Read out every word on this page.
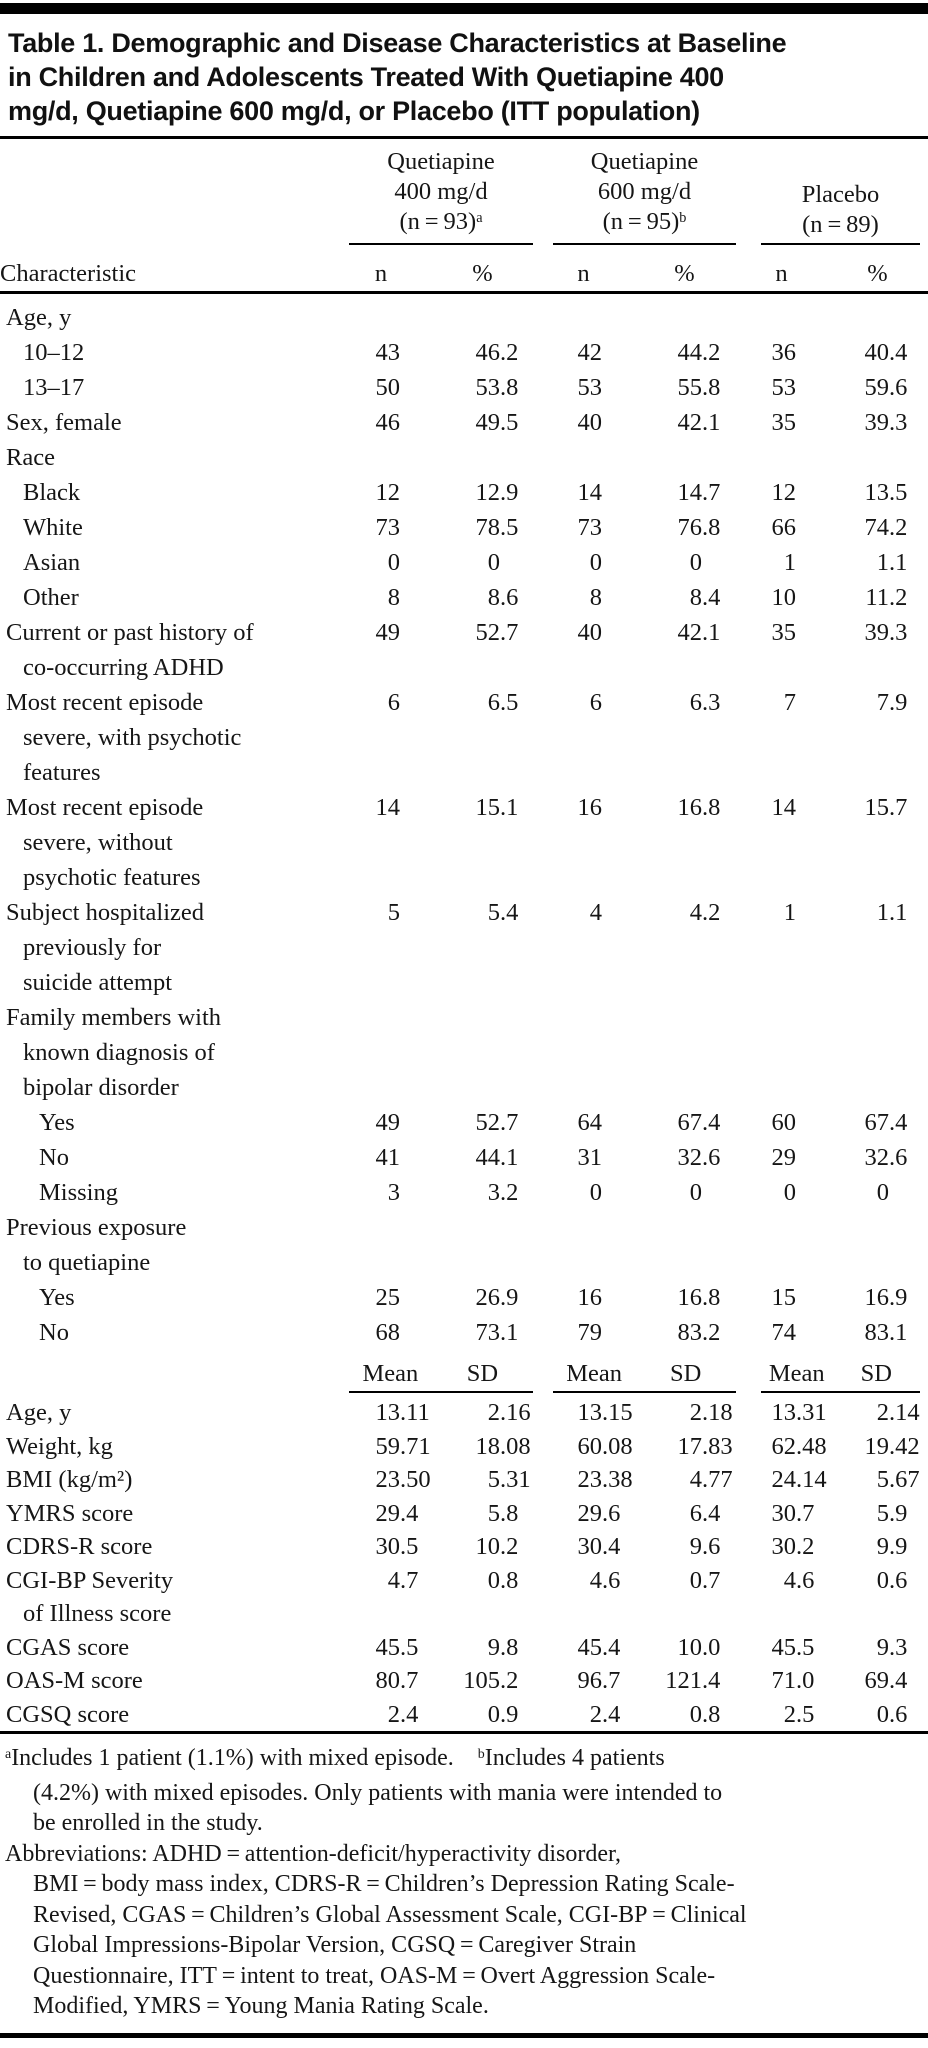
Table 1. Demographic and Disease Characteristics at Baseline
in Children and Adolescents Treated With Quetiapine 400
mg/d, Quetiapine 600 mg/d, or Placebo (ITT population)

Quetiapine
400 mg/d
(n = 93)$^a$

Quetiapine
600 mg/d
(n = 95)$^b$

Placebo
(n = 89)

Characteristic	n	%	n	%	n	%

Age, y						

10–12	43	46.2	42	44.2	36	40.4

13–17	50	53.8	53	55.8	53	59.6

Sex, female	46	49.5	40	42.1	35	39.3

Race						

Black	12	12.9	14	14.7	12	13.5

White	73	78.5	73	76.8	66	74.2

Asian	0	0	0	0	1	1.1

Other	8	8.6	8	8.4	10	11.2

Current or past history of
co-occurring ADHD	49	52.7	40	42.1	35	39.3

Most recent episode
severe, with psychotic
features	6	6.5	6	6.3	7	7.9

Most recent episode
severe, without
psychotic features	14	15.1	16	16.8	14	15.7

Subject hospitalized
previously for
suicide attempt	5	5.4	4	4.2	1	1.1

Family members with
known diagnosis of
bipolar disorder						

Yes	49	52.7	64	67.4	60	67.4

No	41	44.1	31	32.6	29	32.6

Missing	3	3.2	0	0	0	0

Previous exposure
to quetiapine						

Yes	25	26.9	16	16.8	15	16.9

No	68	73.1	79	83.2	74	83.1

	Mean SD		Mean SD		Mean SD	

Age, y	13.11	2.16	13.15	2.18	13.31	2.14

Weight, kg	59.71	18.08	60.08	17.83	62.48	19.42

BMI (kg/m²)	23.50	5.31	23.38	4.77	24.14	5.67

YMRS score	29.4	5.8	29.6	6.4	30.7	5.9

CDRS-R score	30.5	10.2	30.4	9.6	30.2	9.9

CGI-BP Severity
of Illness score	4.7	0.8	4.6	0.7	4.6	0.6

CGAS score	45.5	9.8	45.4	10.0	45.5	9.3

OAS-M score	80.7	105.2	96.7	121.4	71.0	69.4

CGSQ score	2.4	0.9	2.4	0.8	2.5	0.6
$^a$Includes 1 patient (1.1%) with mixed episode. $^b$Includes 4 patients
(4.2%) with mixed episodes. Only patients with mania were intended to
be enrolled in the study.
Abbreviations: ADHD = attention-deficit/hyperactivity disorder,
BMI = body mass index, CDRS-R = Children’s Depression Rating Scale-
Revised, CGAS = Children’s Global Assessment Scale, CGI-BP = Clinical
Global Impressions-Bipolar Version, CGSQ = Caregiver Strain
Questionnaire, ITT = intent to treat, OAS-M = Overt Aggression Scale-
Modified, YMRS = Young Mania Rating Scale.
